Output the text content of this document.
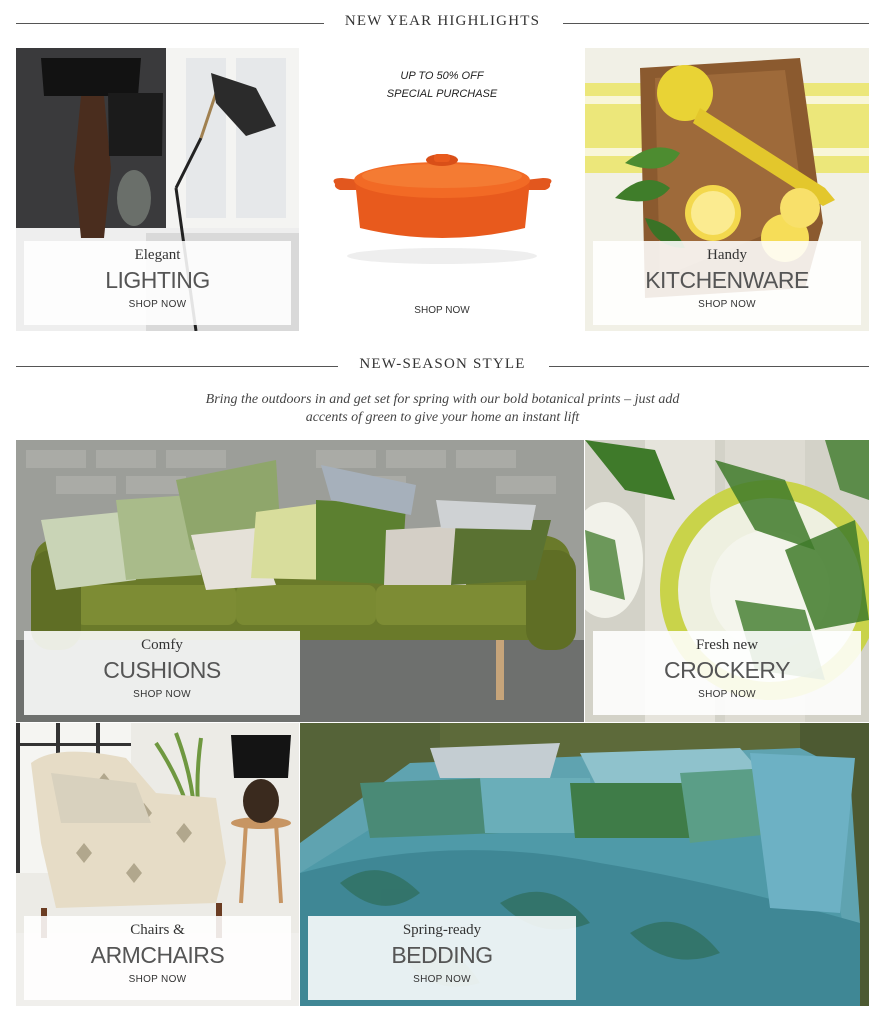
NEW YEAR HIGHLIGHTS
Elegant
LIGHTING
SHOP NOW
UP TO 50% OFF
SPECIAL PURCHASE
SHOP NOW
Handy
KITCHENWARE
SHOP NOW
NEW-SEASON STYLE
Bring the outdoors in and get set for spring with our bold botanical prints – just add
accents of green to give your home an instant lift
Comfy
CUSHIONS
SHOP NOW
Fresh new
CROCKERY
SHOP NOW
Chairs &
ARMCHAIRS
SHOP NOW
Spring-ready
BEDDING
SHOP NOW
